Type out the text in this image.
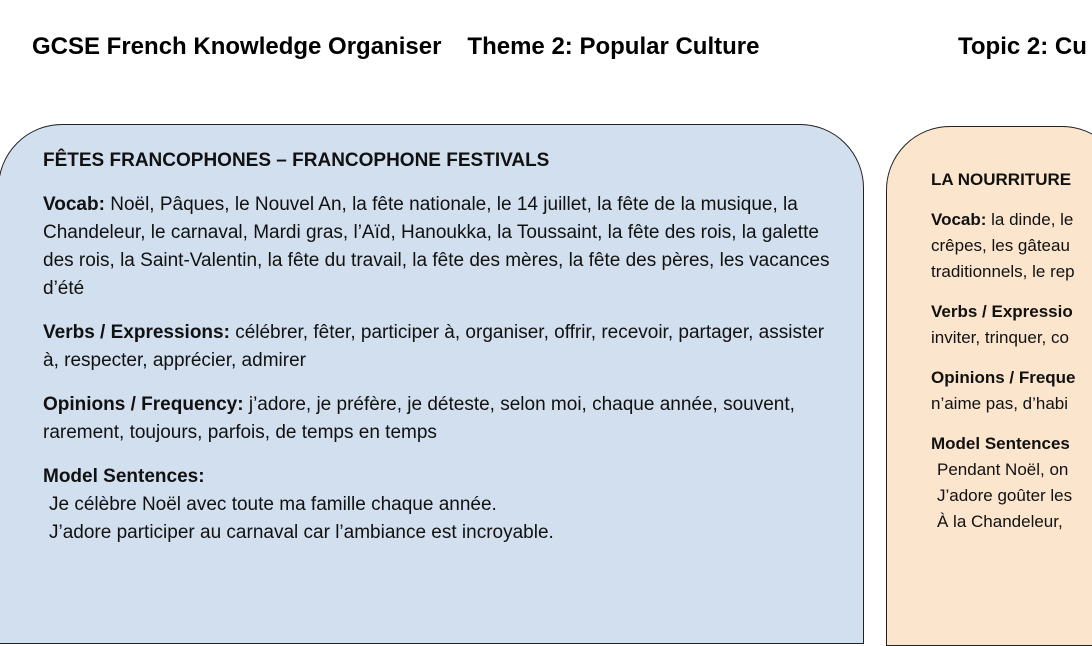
GCSE French Knowledge Organiser Theme 2: Popular Culture	Topic 2: Cu
FÊTES FRANCOPHONES – FRANCOPHONE FESTIVALS
Vocab: Noël, Pâques, le Nouvel An, la fête nationale, le 14 juillet, la fête de la musique, la Chandeleur, le carnaval, Mardi gras, l’Aïd, Hanoukka, la Toussaint, la fête des rois, la galette des rois, la Saint-Valentin, la fête du travail, la fête des mères, la fête des pères, les vacances d’été
Verbs / Expressions: célébrer, fêter, participer à, organiser, offrir, recevoir, partager, assister à, respecter, apprécier, admirer
Opinions / Frequency: j’adore, je préfère, je déteste, selon moi, chaque année, souvent, rarement, toujours, parfois, de temps en temps
Model Sentences:
Je célèbre Noël avec toute ma famille chaque année.
J’adore participer au carnaval car l’ambiance est incroyable.
LA NOURRITURE
Vocab: la dinde, le
crêpes, les gâteau
traditionnels, le rep
Verbs / Expressio
inviter, trinquer, co
Opinions / Freque
n’aime pas, d’habi
Model Sentences
Pendant Noël, on
J’adore goûter les
À la Chandeleur,
